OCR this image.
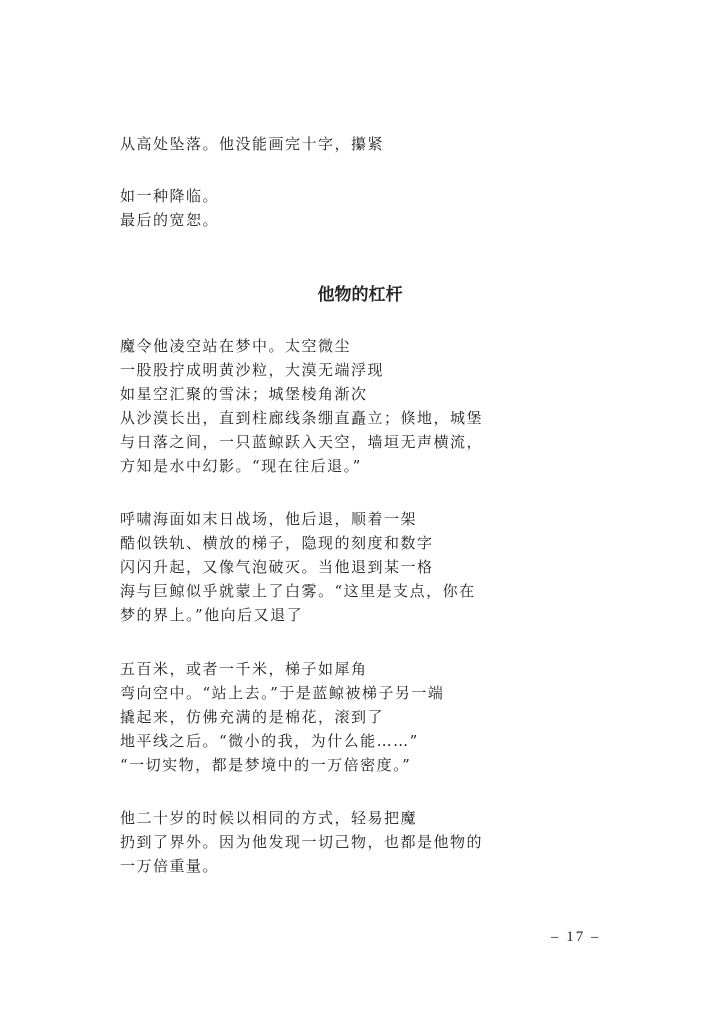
从高处坠落。他没能画完十字，攥紧
如一种降临。
最后的宽恕。
他物的杠杆
魔令他凌空站在梦中。太空微尘
一股股拧成明黄沙粒，大漠无端浮现
如星空汇聚的雪沫；城堡棱角渐次
从沙漠长出，直到柱廊线条绷直矗立；倏地，城堡
与日落之间，一只蓝鲸跃入天空，墙垣无声横流，
方知是水中幻影。“现在往后退。”
呼啸海面如末日战场，他后退，顺着一架
酷似铁轨、横放的梯子，隐现的刻度和数字
闪闪升起，又像气泡破灭。当他退到某一格
海与巨鲸似乎就蒙上了白雾。“这里是支点，你在
梦的界上。”他向后又退了
五百米，或者一千米，梯子如犀角
弯向空中。“站上去。”于是蓝鲸被梯子另一端
撬起来，仿佛充满的是棉花，滚到了
地平线之后。“微小的我，为什么能……”
“一切实物，都是梦境中的一万倍密度。”
他二十岁的时候以相同的方式，轻易把魔
扔到了界外。因为他发现一切己物，也都是他物的
一万倍重量。
– 17 –
